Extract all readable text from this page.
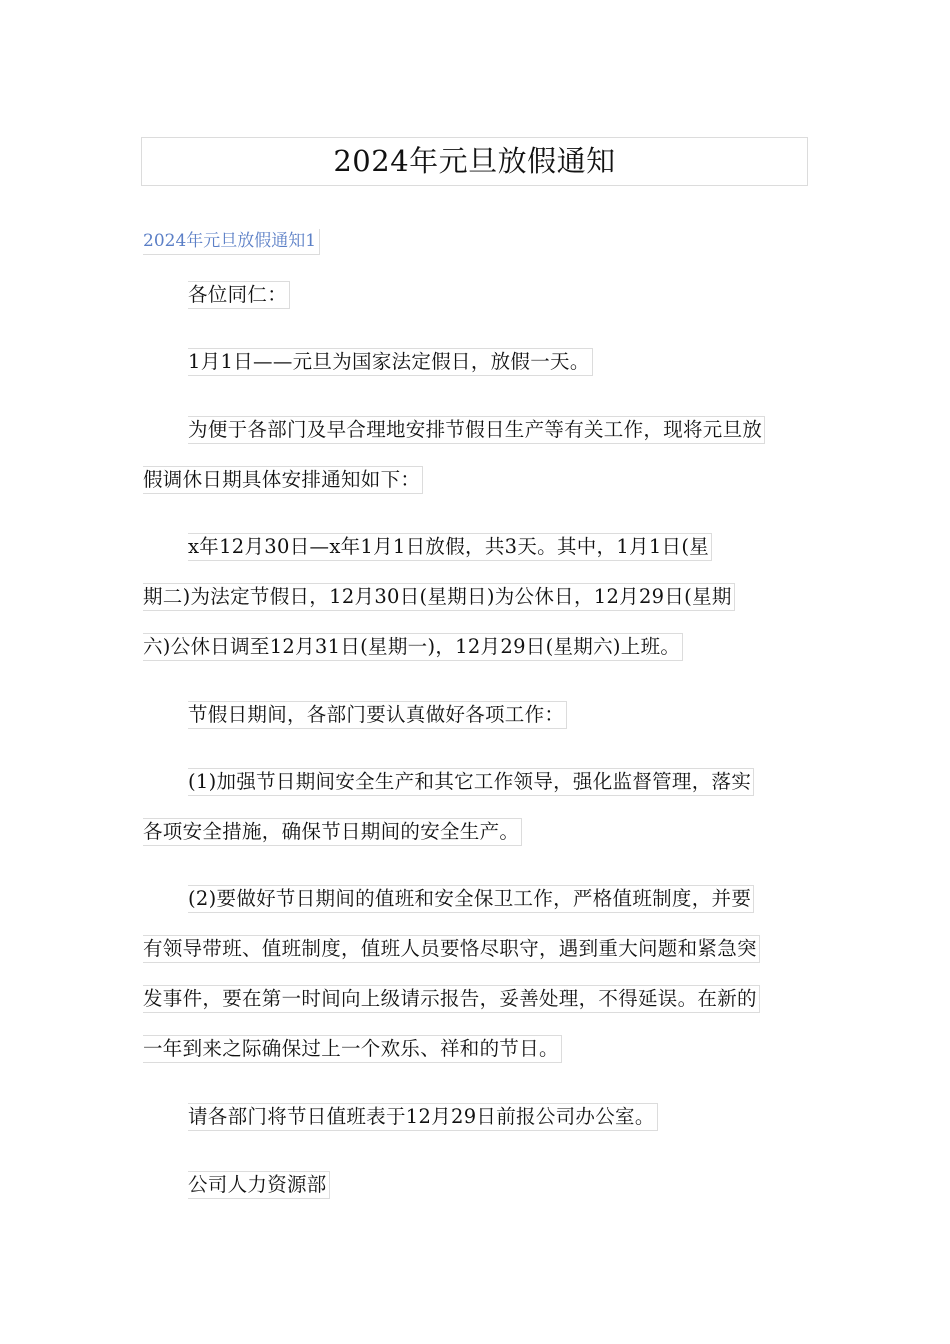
2024年元旦放假通知
2024年元旦放假通知1
各位同仁：
1月1日——元旦为国家法定假日，放假一天。
为便于各部门及早合理地安排节假日生产等有关工作，现将元旦放
假调休日期具体安排通知如下：
x年12月30日—x年1月1日放假，共3天。其中，1月1日(星
期二)为法定节假日，12月30日(星期日)为公休日，12月29日(星期
六)公休日调至12月31日(星期一)，12月29日(星期六)上班。
节假日期间，各部门要认真做好各项工作：
(1)加强节日期间安全生产和其它工作领导，强化监督管理，落实
各项安全措施，确保节日期间的安全生产。
(2)要做好节日期间的值班和安全保卫工作，严格值班制度，并要
有领导带班、值班制度，值班人员要恪尽职守，遇到重大问题和紧急突
发事件，要在第一时间向上级请示报告，妥善处理，不得延误。在新的
一年到来之际确保过上一个欢乐、祥和的节日。
请各部门将节日值班表于12月29日前报公司办公室。
公司人力资源部
